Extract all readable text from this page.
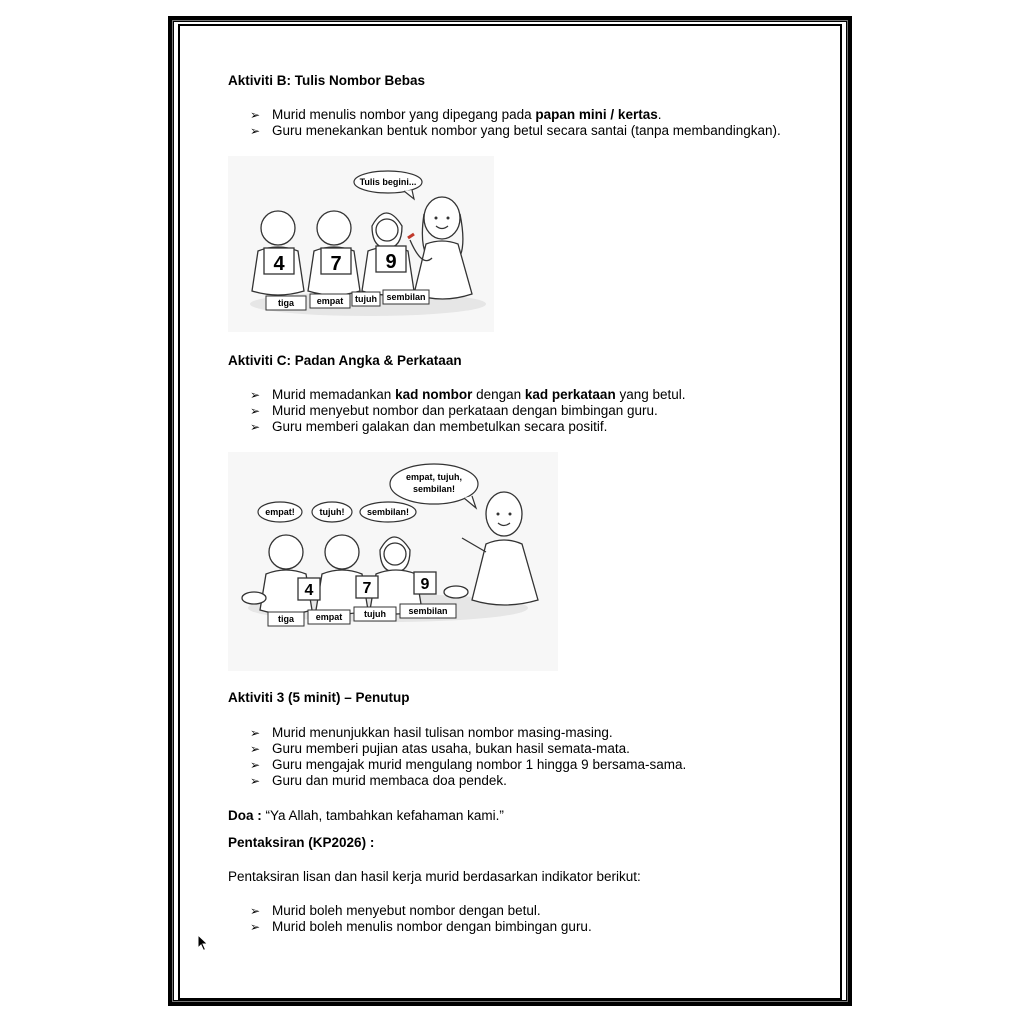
Aktiviti B: Tulis Nombor Bebas
➢ Murid menulis nombor yang dipegang pada papan mini / kertas.
➢ Guru menekankan bentuk nombor yang betul secara santai (tanpa membandingkan).
Tulis begini...
4 7 9
tiga	empat tujuh sembilan
Aktiviti C: Padan Angka & Perkataan
➢ Murid memadankan kad nombor dengan kad perkataan yang betul.
➢ Murid menyebut nombor dan perkataan dengan bimbingan guru.
➢ Guru memberi galakan dan membetulkan secara positif.
empat, tujuh,
sembilan!
empat!	tujuh! sembilan!
4	7	9
tiga empat tujuh sembilan
Aktiviti 3 (5 minit) – Penutup
➢ Murid menunjukkan hasil tulisan nombor masing-masing.
➢ Guru memberi pujian atas usaha, bukan hasil semata-mata.
➢ Guru mengajak murid mengulang nombor 1 hingga 9 bersama-sama.
➢ Guru dan murid membaca doa pendek.
Doa : “Ya Allah, tambahkan kefahaman kami.”
Pentaksiran (KP2026) :
Pentaksiran lisan dan hasil kerja murid berdasarkan indikator berikut:
➢ Murid boleh menyebut nombor dengan betul.
➢ Murid boleh menulis nombor dengan bimbingan guru.
